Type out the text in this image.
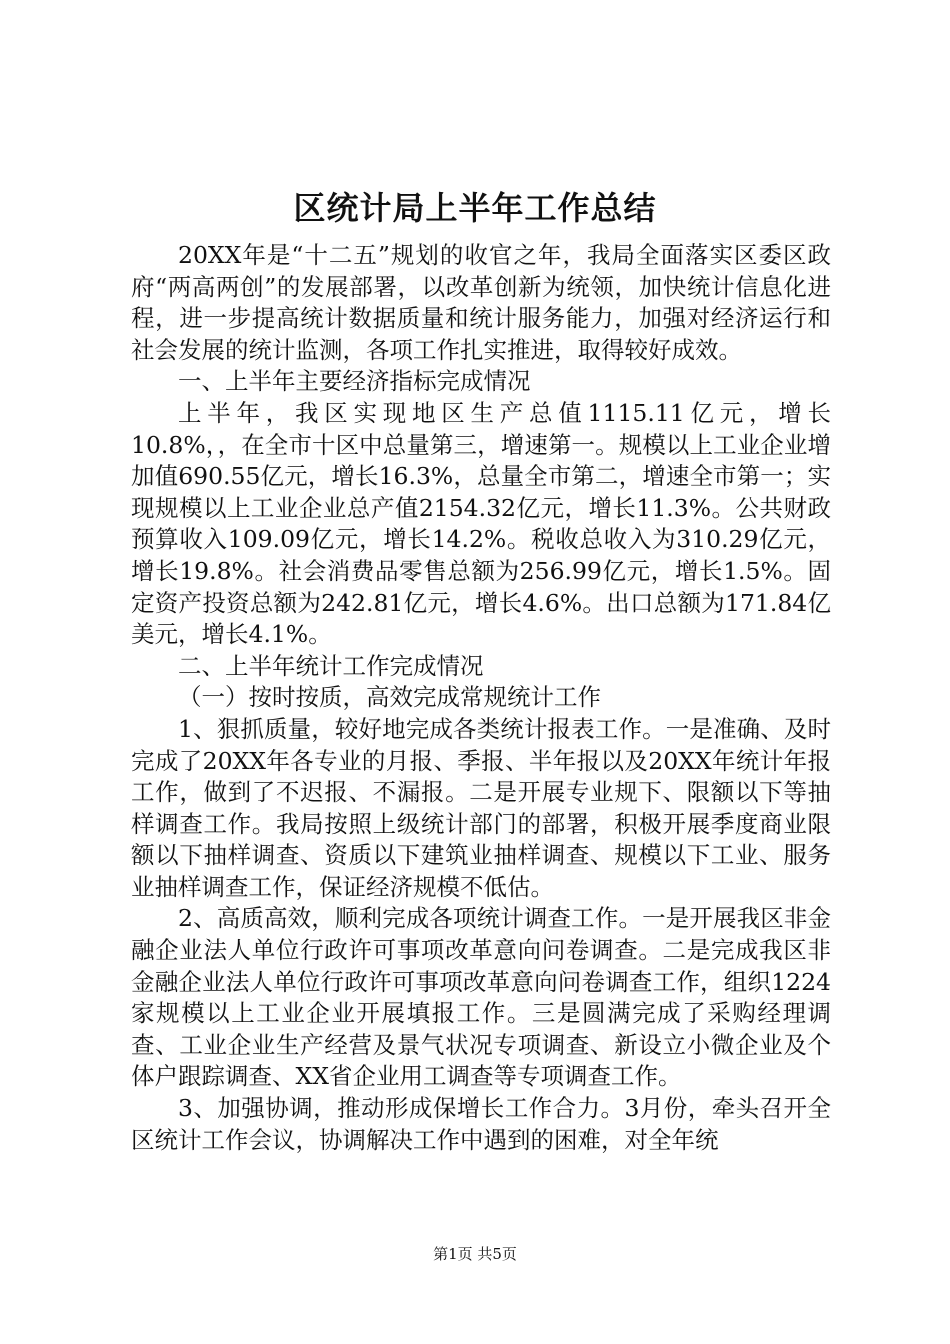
区统计局上半年工作总结

20XX年是“十二五”规划的收官之年，我局全面落实区委区政府“两高两创”的发展部署，以改革创新为统领，加快统计信息化进程，进一步提高统计数据质量和统计服务能力，加强对经济运行和社会发展的统计监测，各项工作扎实推进，取得较好成效。

一、上半年主要经济指标完成情况

上半年，我区实现地区生产总值1115.11亿元，增长10.8%，，在全市十区中总量第三，增速第一。规模以上工业企业增加值690.55亿元，增长16.3%，总量全市第二，增速全市第一；实现规模以上工业企业总产值2154.32亿元，增长11.3%。公共财政预算收入109.09亿元，增长14.2%。税收总收入为310.29亿元，增长19.8%。社会消费品零售总额为256.99亿元，增长1.5%。固定资产投资总额为242.81亿元，增长4.6%。出口总额为171.84亿美元，增长4.1%。

二、上半年统计工作完成情况

（一）按时按质，高效完成常规统计工作

1、狠抓质量，较好地完成各类统计报表工作。一是准确、及时完成了20XX年各专业的月报、季报、半年报以及20XX年统计年报工作，做到了不迟报、不漏报。二是开展专业规下、限额以下等抽样调查工作。我局按照上级统计部门的部署，积极开展季度商业限额以下抽样调查、资质以下建筑业抽样调查、规模以下工业、服务业抽样调查工作，保证经济规模不低估。

2、高质高效，顺利完成各项统计调查工作。一是开展我区非金融企业法人单位行政许可事项改革意向问卷调查。二是完成我区非金融企业法人单位行政许可事项改革意向问卷调查工作，组织1224家规模以上工业企业开展填报工作。三是圆满完成了采购经理调查、工业企业生产经营及景气状况专项调查、新设立小微企业及个体户跟踪调查、XX省企业用工调查等专项调查工作。

3、加强协调，推动形成保增长工作合力。3月份，牵头召开全区统计工作会议，协调解决工作中遇到的困难，对全年统

第1页 共5页
